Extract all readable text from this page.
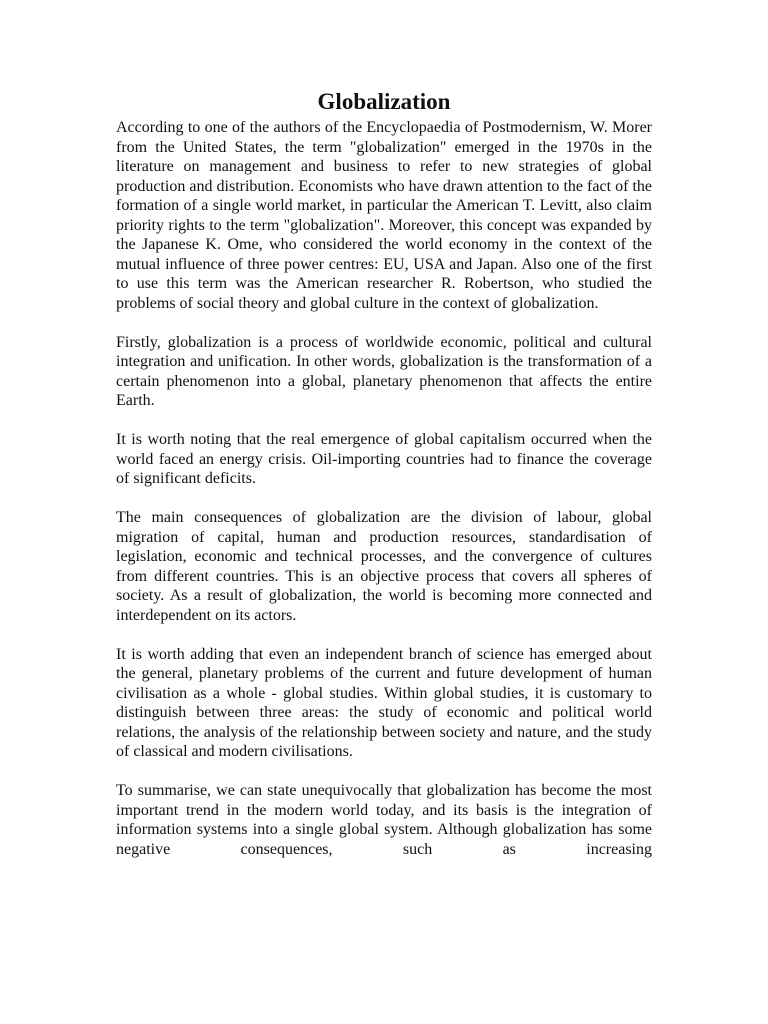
Globalization

According to one of the authors of the Encyclopaedia of Postmodernism, W. Morer from the United States, the term "globalization" emerged in the 1970s in the literature on management and business to refer to new strategies of global production and distribution. Economists who have drawn attention to the fact of the formation of a single world market, in particular the American T. Levitt, also claim priority rights to the term "globalization". Moreover, this concept was expanded by the Japanese K. Ome, who considered the world economy in the context of the mutual influence of three power centres: EU, USA and Japan. Also one of the first to use this term was the American researcher R. Robertson, who studied the problems of social theory and global culture in the context of globalization.

Firstly, globalization is a process of worldwide economic, political and cultural integration and unification. In other words, globalization is the transformation of a certain phenomenon into a global, planetary phenomenon that affects the entire Earth.

It is worth noting that the real emergence of global capitalism occurred when the world faced an energy crisis. Oil-importing countries had to finance the coverage of significant deficits.

The main consequences of globalization are the division of labour, global migration of capital, human and production resources, standardisation of legislation, economic and technical processes, and the convergence of cultures from different countries. This is an objective process that covers all spheres of society. As a result of globalization, the world is becoming more connected and interdependent on its actors.

It is worth adding that even an independent branch of science has emerged about the general, planetary problems of the current and future development of human civilisation as a whole - global studies. Within global studies, it is customary to distinguish between three areas: the study of economic and political world relations, the analysis of the relationship between society and nature, and the study of classical and modern civilisations.

To summarise, we can state unequivocally that globalization has become the most important trend in the modern world today, and its basis is the integration of information systems into a single global system. Although globalization has some negative consequences, such as increasing
